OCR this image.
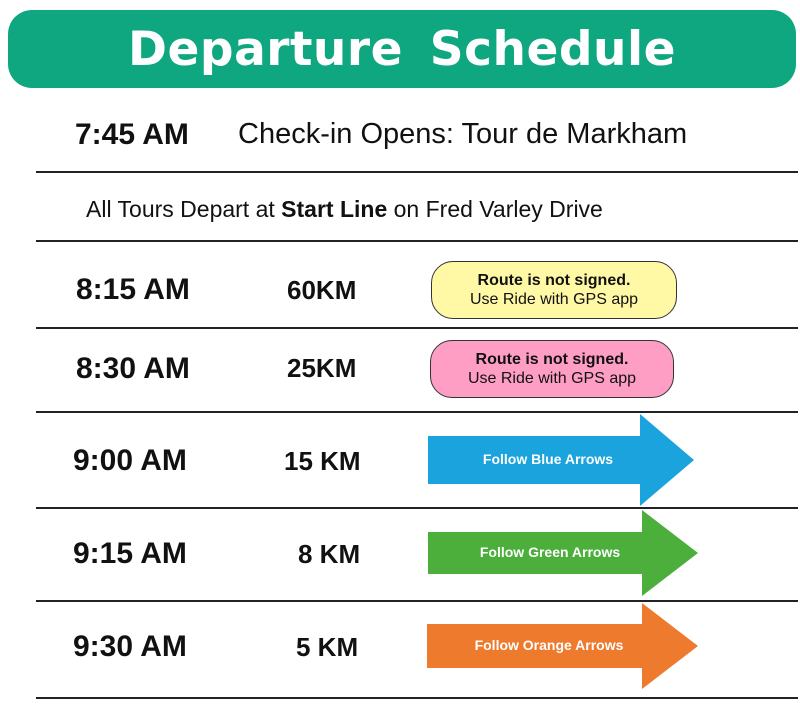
Departure Schedule
7:45 AM Check-in Opens: Tour de Markham
All Tours Depart at Start Line on Fred Varley Drive
8:15 AM	60KM	Route is not signed.
Use Ride with GPS app
8:30 AM	25KM	Route is not signed.
Use Ride with GPS app
9:00 AM	15 KM	Follow Blue Arrows
9:15 AM	8 KM	Follow Green Arrows
9:30 AM	5 KM	Follow Orange Arrows
